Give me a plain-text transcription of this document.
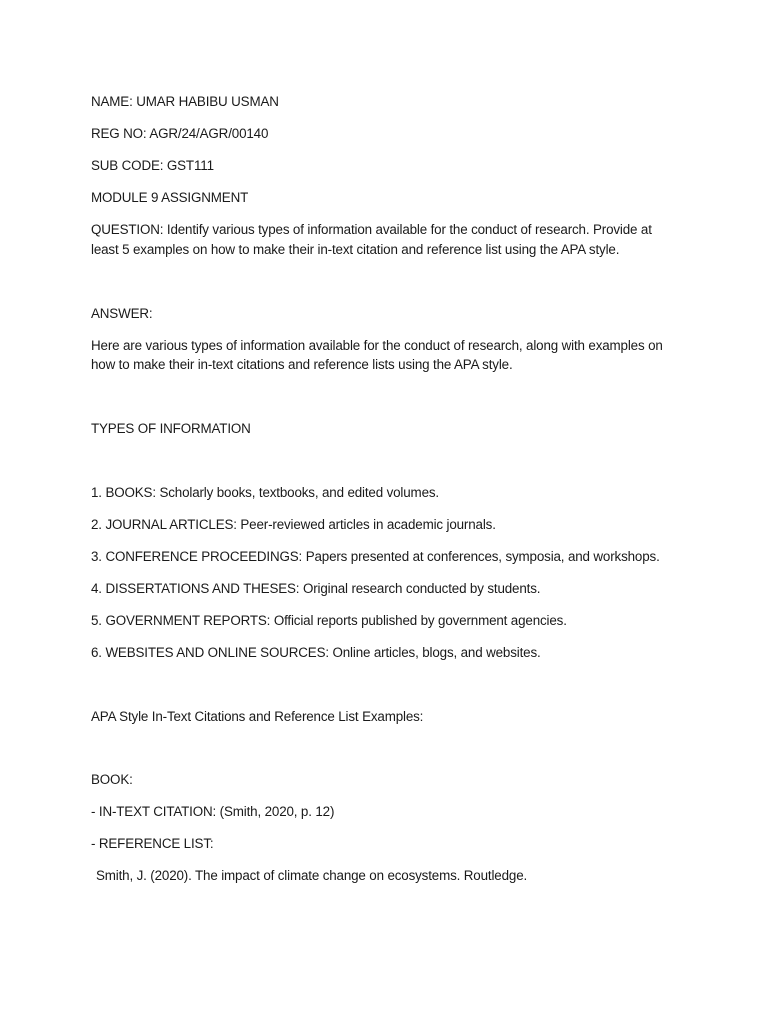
NAME: UMAR HABIBU USMAN

REG NO: AGR/24/AGR/00140

SUB CODE: GST111

MODULE 9 ASSIGNMENT

QUESTION: Identify various types of information available for the conduct of research. Provide at

least 5 examples on how to make their in-text citation and reference list using the APA style.

ANSWER:

Here are various types of information available for the conduct of research, along with examples on

how to make their in-text citations and reference lists using the APA style.

TYPES OF INFORMATION

1. BOOKS: Scholarly books, textbooks, and edited volumes.

2. JOURNAL ARTICLES: Peer-reviewed articles in academic journals.

3. CONFERENCE PROCEEDINGS: Papers presented at conferences, symposia, and workshops.

4. DISSERTATIONS AND THESES: Original research conducted by students.

5. GOVERNMENT REPORTS: Official reports published by government agencies.

6. WEBSITES AND ONLINE SOURCES: Online articles, blogs, and websites.

APA Style In-Text Citations and Reference List Examples:

BOOK:

- IN-TEXT CITATION: (Smith, 2020, p. 12)

- REFERENCE LIST:

Smith, J. (2020). The impact of climate change on ecosystems. Routledge.
